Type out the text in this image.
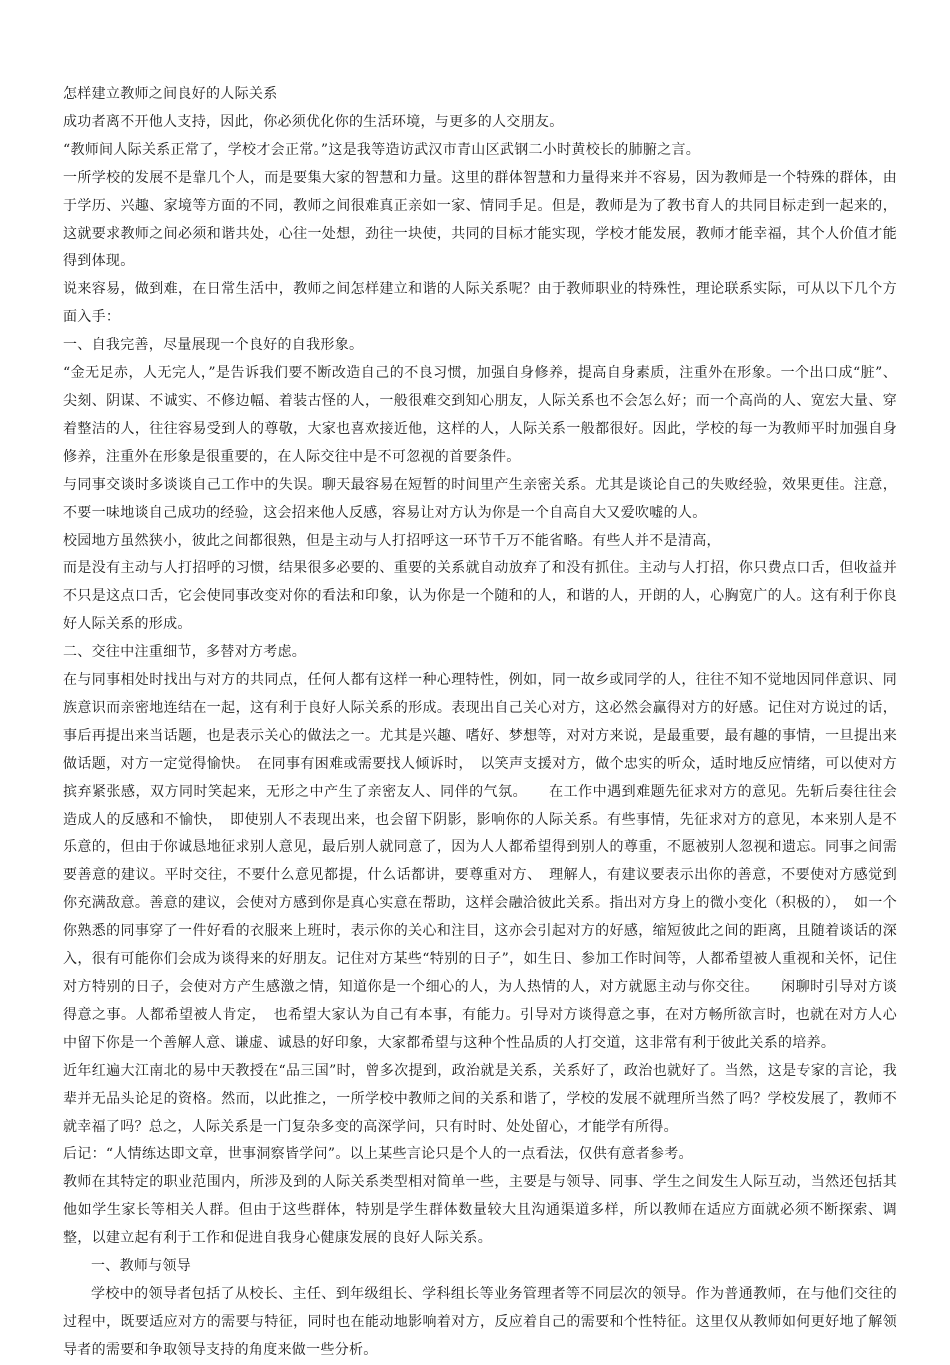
怎样建立教师之间良好的人际关系

成功者离不开他人支持，因此，你必须优化你的生活环境，与更多的人交朋友。

“教师间人际关系正常了，学校才会正常。”这是我等造访武汉市青山区武钢二小时黄校长的肺腑之言。

一所学校的发展不是靠几个人，而是要集大家的智慧和力量。这里的群体智慧和力量得来并不容易，因为教师是一个特殊的群体，由于学历、兴趣、家境等方面的不同，教师之间很难真正亲如一家、情同手足。但是，教师是为了教书育人的共同目标走到一起来的，这就要求教师之间必须和谐共处，心往一处想，劲往一块使，共同的目标才能实现，学校才能发展，教师才能幸福，其个人价值才能得到体现。

说来容易，做到难，在日常生活中，教师之间怎样建立和谐的人际关系呢？由于教师职业的特殊性，理论联系实际，可从以下几个方面入手：

一、自我完善，尽量展现一个良好的自我形象。

“金无足赤，人无完人，”是告诉我们要不断改造自己的不良习惯，加强自身修养，提高自身素质，注重外在形象。一个出口成“脏”、尖刻、阴谋、不诚实、不修边幅、着装古怪的人，一般很难交到知心朋友，人际关系也不会怎么好；而一个高尚的人、宽宏大量、穿着整洁的人，往往容易受到人的尊敬，大家也喜欢接近他，这样的人，人际关系一般都很好。因此，学校的每一为教师平时加强自身修养，注重外在形象是很重要的，在人际交往中是不可忽视的首要条件。

与同事交谈时多谈谈自己工作中的失误。聊天最容易在短暂的时间里产生亲密关系。尤其是谈论自己的失败经验，效果更佳。注意，不要一味地谈自己成功的经验，这会招来他人反感，容易让对方认为你是一个自高自大又爱吹嘘的人。

校园地方虽然狭小，彼此之间都很熟，但是主动与人打招呼这一环节千万不能省略。有些人并不是清高，

而是没有主动与人打招呼的习惯，结果很多必要的、重要的关系就自动放弃了和没有抓住。主动与人打招，你只费点口舌，但收益并不只是这点口舌，它会使同事改变对你的看法和印象，认为你是一个随和的人，和谐的人，开朗的人，心胸宽广的人。这有利于你良好人际关系的形成。

二、交往中注重细节，多替对方考虑。

在与同事相处时找出与对方的共同点，任何人都有这样一种心理特性，例如，同一故乡或同学的人，往往不知不觉地因同伴意识、同族意识而亲密地连结在一起，这有利于良好人际关系的形成。表现出自己关心对方，这必然会赢得对方的好感。记住对方说过的话，事后再提出来当话题，也是表示关心的做法之一。尤其是兴趣、嗜好、梦想等，对对方来说，是最重要，最有趣的事情，一旦提出来做话题，对方一定觉得愉快。　在同事有困难或需要找人倾诉时，　以笑声支援对方，做个忠实的听众，适时地反应情绪，可以使对方摈弃紧张感，双方同时笑起来，无形之中产生了亲密友人、同伴的气氛。　　在工作中遇到难题先征求对方的意见。先斩后奏往往会造成人的反感和不愉快，　即使别人不表现出来，也会留下阴影，影响你的人际关系。有些事情，先征求对方的意见，本来别人是不乐意的，但由于你诚恳地征求别人意见，最后别人就同意了，因为人人都希望得到别人的尊重，不愿被别人忽视和遗忘。同事之间需要善意的建议。平时交往，不要什么意见都提，什么话都讲，要尊重对方、　理解人，有建议要表示出你的善意，不要使对方感觉到你充满敌意。善意的建议，会使对方感到你是真心实意在帮助，这样会融洽彼此关系。指出对方身上的微小变化（积极的），　如一个你熟悉的同事穿了一件好看的衣服来上班时，表示你的关心和注目，这亦会引起对方的好感，缩短彼此之间的距离，且随着谈话的深入，很有可能你们会成为谈得来的好朋友。记住对方某些“特别的日子”，如生日、参加工作时间等，人都希望被人重视和关怀，记住对方特别的日子，会使对方产生感激之情，知道你是一个细心的人，为人热情的人，对方就愿主动与你交往。　　闲聊时引导对方谈得意之事。人都希望被人肯定，　也希望大家认为自己有本事，有能力。引导对方谈得意之事，在对方畅所欲言时，也就在对方人心中留下你是一个善解人意、谦虚、诚恳的好印象，大家都希望与这种个性品质的人打交道，这非常有利于彼此关系的培养。

近年红遍大江南北的易中天教授在“品三国”时，曾多次提到，政治就是关系，关系好了，政治也就好了。当然，这是专家的言论，我辈并无品头论足的资格。然而，以此推之，一所学校中教师之间的关系和谐了，学校的发展不就理所当然了吗？学校发展了，教师不就幸福了吗？总之，人际关系是一门复杂多变的高深学问，只有时时、处处留心，才能学有所得。

后记：“人情练达即文章，世事洞察皆学问”。以上某些言论只是个人的一点看法，仅供有意者参考。

教师在其特定的职业范围内，所涉及到的人际关系类型相对简单一些，主要是与领导、同事、学生之间发生人际互动，当然还包括其他如学生家长等相关人群。但由于这些群体，特别是学生群体数量较大且沟通渠道多样，所以教师在适应方面就必须不断探索、调整，以建立起有利于工作和促进自我身心健康发展的良好人际关系。

一、教师与领导

学校中的领导者包括了从校长、主任、到年级组长、学科组长等业务管理者等不同层次的领导。作为普通教师，在与他们交往的过程中，既要适应对方的需要与特征，同时也在能动地影响着对方，反应着自己的需要和个性特征。这里仅从教师如何更好地了解领导者的需要和争取领导支持的角度来做一些分析。
